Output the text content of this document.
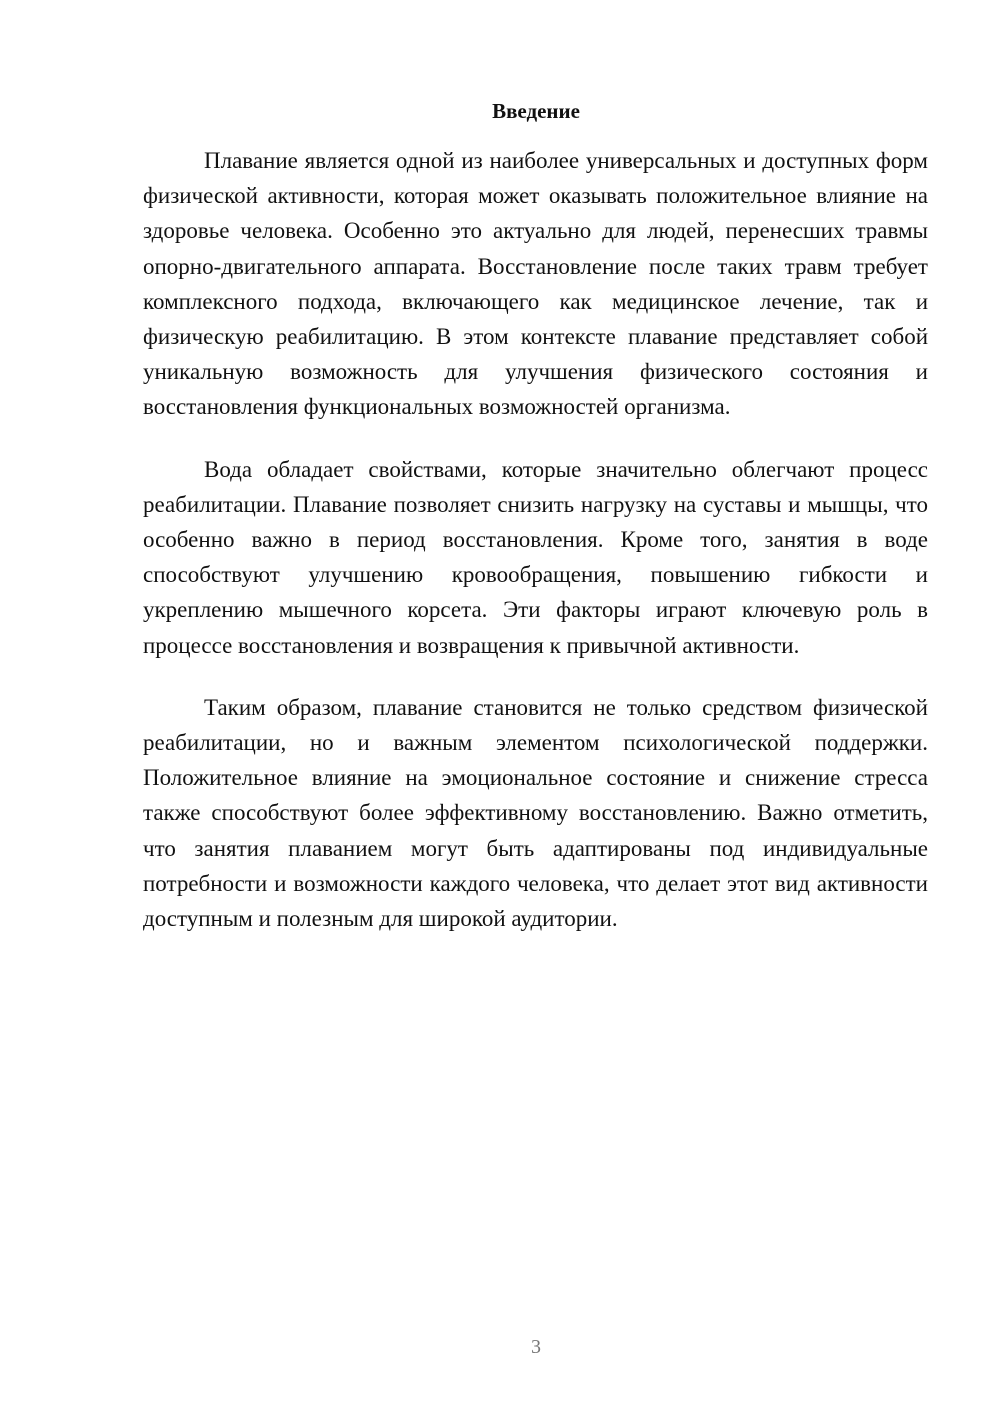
Введение

Плавание является одной из наиболее универсальных и доступных форм физической активности, которая может оказывать положительное влияние на здоровье человека. Особенно это актуально для людей, перенесших травмы опорно-двигательного аппарата. Восстановление после таких травм требует комплексного подхода, включающего как медицинское лечение, так и физическую реабилитацию. В этом контексте плавание представляет собой уникальную возможность для улучшения физического состояния и восстановления функциональных возможностей организма.

Вода обладает свойствами, которые значительно облегчают процесс реабилитации. Плавание позволяет снизить нагрузку на суставы и мышцы, что особенно важно в период восстановления. Кроме того, занятия в воде способствуют улучшению кровообращения, повышению гибкости и укреплению мышечного корсета. Эти факторы играют ключевую роль в процессе восстановления и возвращения к привычной активности.

Таким образом, плавание становится не только средством физической реабилитации, но и важным элементом психологической поддержки. Положительное влияние на эмоциональное состояние и снижение стресса также способствуют более эффективному восстановлению. Важно отметить, что занятия плаванием могут быть адаптированы под индивидуальные потребности и возможности каждого человека, что делает этот вид активности доступным и полезным для широкой аудитории.

3
